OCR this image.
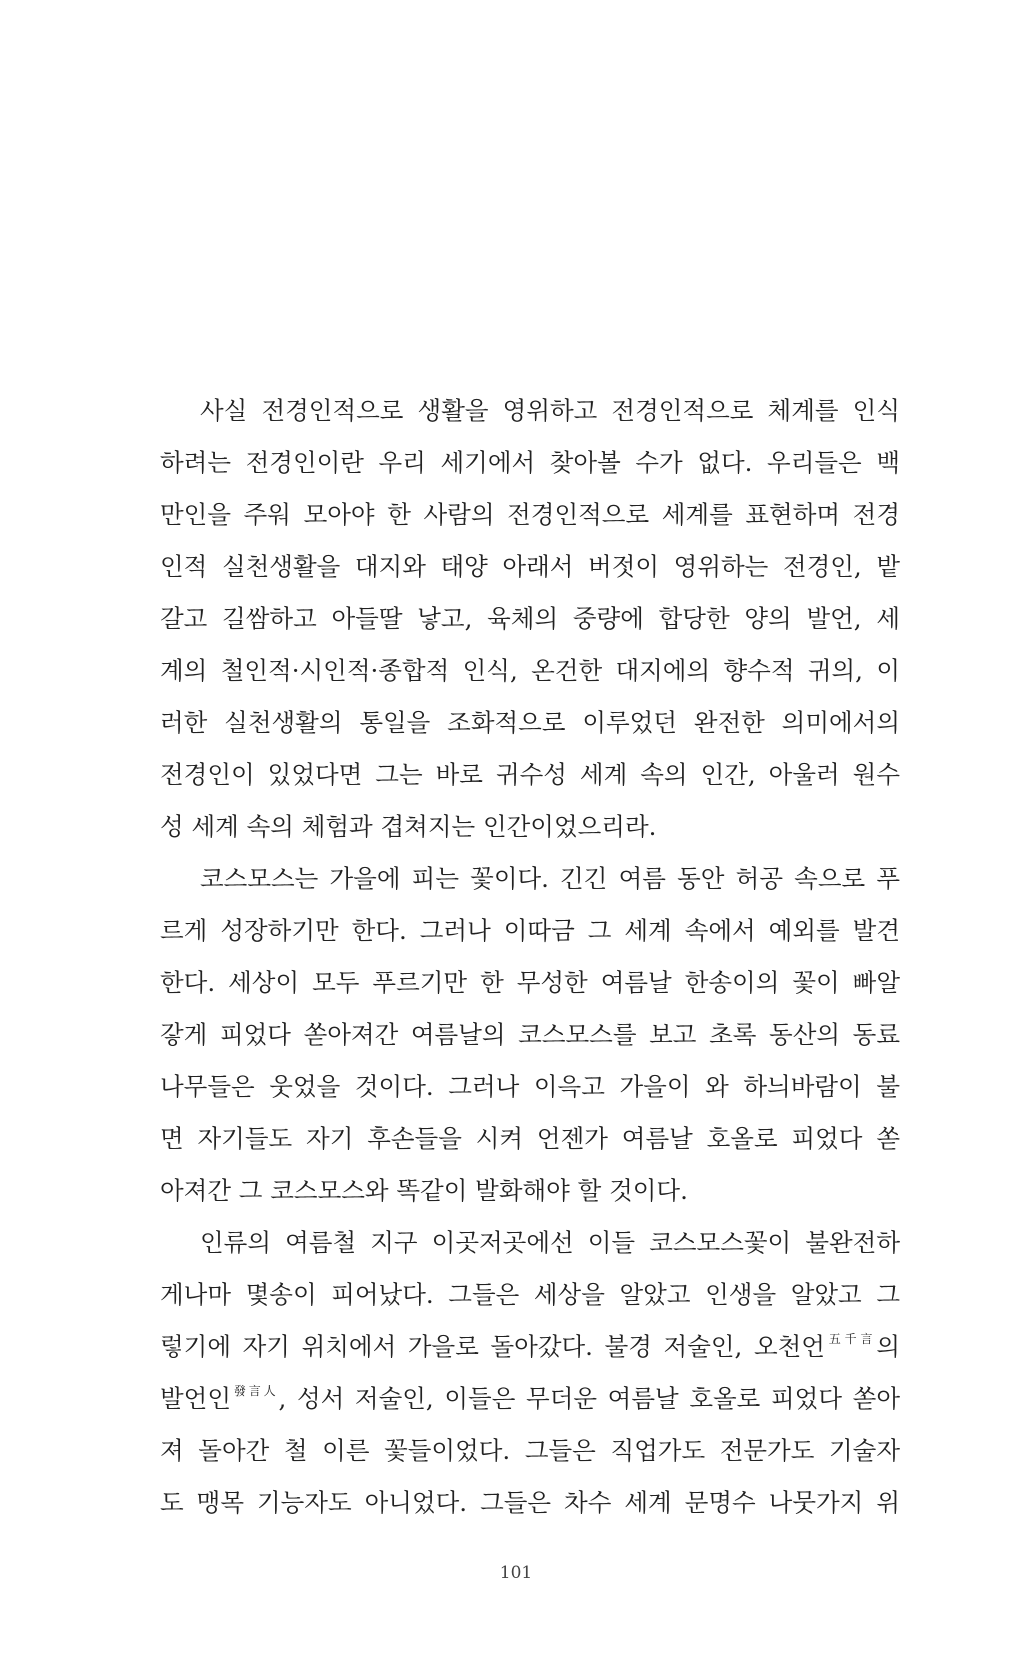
사실 전경인적으로 생활을 영위하고 전경인적으로 체계를 인식
하려는 전경인이란 우리 세기에서 찾아볼 수가 없다. 우리들은 백
만인을 주워 모아야 한 사람의 전경인적으로 세계를 표현하며 전경
인적 실천생활을 대지와 태양 아래서 버젓이 영위하는 전경인, 밭
갈고 길쌈하고 아들딸 낳고, 육체의 중량에 합당한 양의 발언, 세
계의 철인적·시인적·종합적 인식, 온건한 대지에의 향수적 귀의, 이
러한 실천생활의 통일을 조화적으로 이루었던 완전한 의미에서의
전경인이 있었다면 그는 바로 귀수성 세계 속의 인간, 아울러 원수
성 세계 속의 체험과 겹쳐지는 인간이었으리라.
코스모스는 가을에 피는 꽃이다. 긴긴 여름 동안 허공 속으로 푸
르게 성장하기만 한다. 그러나 이따금 그 세계 속에서 예외를 발견
한다. 세상이 모두 푸르기만 한 무성한 여름날 한송이의 꽃이 빠알
갛게 피었다 쏟아져간 여름날의 코스모스를 보고 초록 동산의 동료
나무들은 웃었을 것이다. 그러나 이윽고 가을이 와 하늬바람이 불
면 자기들도 자기 후손들을 시켜 언젠가 여름날 호올로 피었다 쏟
아져간 그 코스모스와 똑같이 발화해야 할 것이다.
인류의 여름철 지구 이곳저곳에선 이들 코스모스꽃이 불완전하
게나마 몇송이 피어났다. 그들은 세상을 알았고 인생을 알았고 그
렇기에 자기 위치에서 가을로 돌아갔다. 불경 저술인, 오천언$^{五千言}$의
발언인$^{發言人}$, 성서 저술인, 이들은 무더운 여름날 호올로 피었다 쏟아
져 돌아간 철 이른 꽃들이었다. 그들은 직업가도 전문가도 기술자
도 맹목 기능자도 아니었다. 그들은 차수 세계 문명수 나뭇가지 위
101
